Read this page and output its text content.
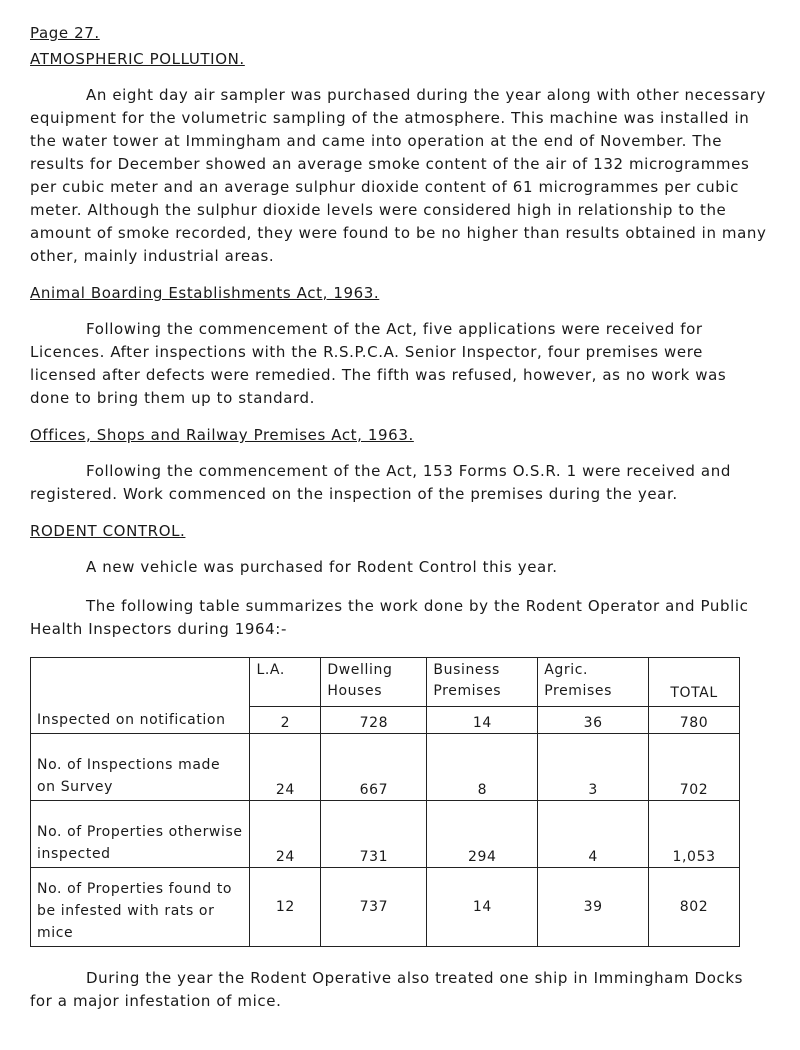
Page 27.
ATMOSPHERIC POLLUTION.

An eight day air sampler was purchased during the year along with other necessary equipment for the volumetric sampling of the atmosphere. This machine was installed in the water tower at Immingham and came into operation at the end of November. The results for December showed an average smoke content of the air of 132 microgrammes per cubic meter and an average sulphur dioxide content of 61 microgrammes per cubic meter. Although the sulphur dioxide levels were considered high in relationship to the amount of smoke recorded, they were found to be no higher than results obtained in many other, mainly industrial areas.

Animal Boarding Establishments Act, 1963.

Following the commencement of the Act, five applications were received for Licences. After inspections with the R.S.P.C.A. Senior Inspector, four premises were licensed after defects were remedied. The fifth was refused, however, as no work was done to bring them up to standard.

Offices, Shops and Railway Premises Act, 1963.

Following the commencement of the Act, 153 Forms O.S.R. 1 were received and registered. Work commenced on the inspection of the premises during the year.

RODENT CONTROL.

A new vehicle was purchased for Rodent Control this year.

The following table summarizes the work done by the Rodent Operator and Public Health Inspectors during 1964:-

	L.A.	Dwelling Houses	Business Premises	Agric. Premises	TOTAL
Inspected on notification	2	728	14	36	780
No. of Inspections made on Survey	24	667	8	3	702
No. of Properties otherwise inspected	24	731	294	4	1,053
No. of Properties found to be infested with rats or mice	12	737	14	39	802

During the year the Rodent Operative also treated one ship in Immingham Docks for a major infestation of mice.
